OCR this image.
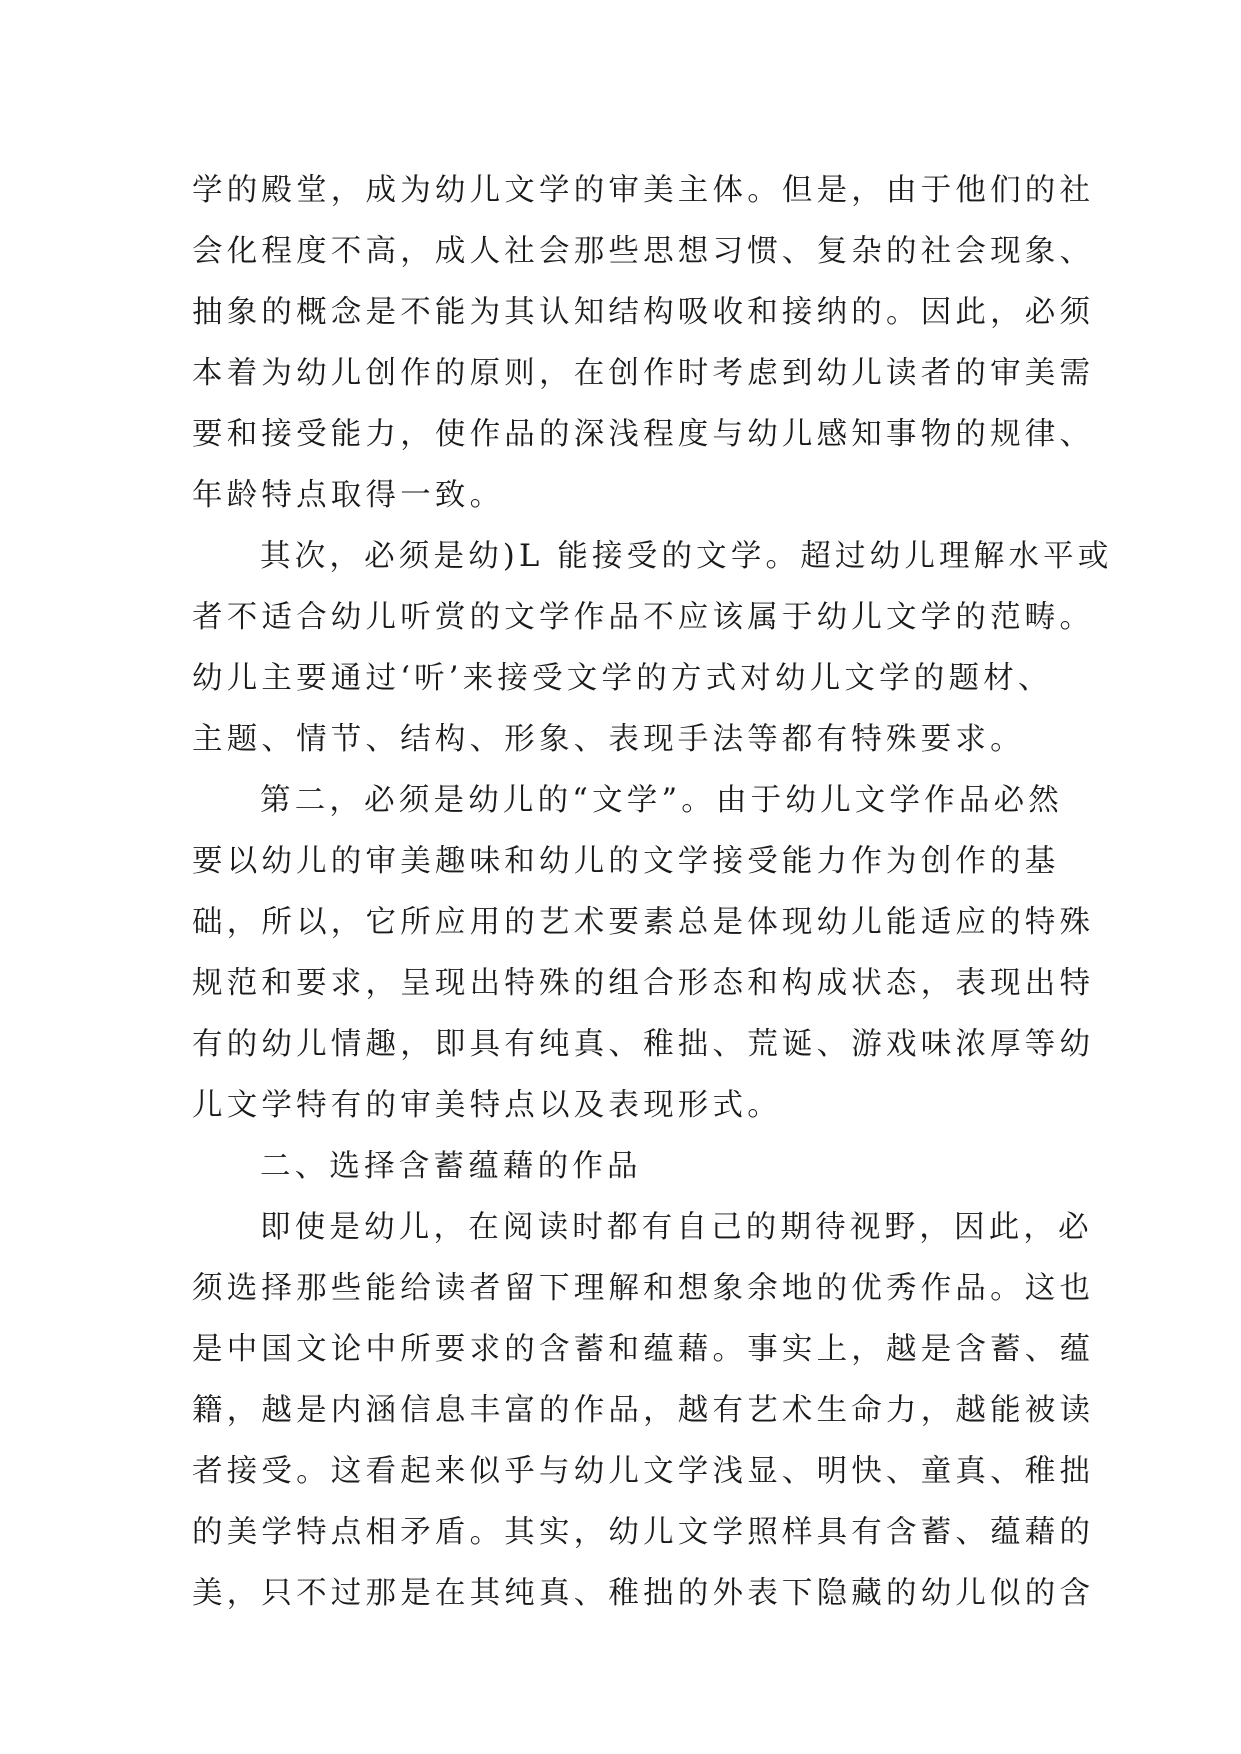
学的殿堂，成为幼儿文学的审美主体。但是，由于他们的社
会化程度不高，成人社会那些思想习惯、复杂的社会现象、
抽象的概念是不能为其认知结构吸收和接纳的。因此，必须
本着为幼儿创作的原则，在创作时考虑到幼儿读者的审美需
要和接受能力，使作品的深浅程度与幼儿感知事物的规律、
年龄特点取得一致。
其次，必须是幼)L 能接受的文学。超过幼儿理解水平或
者不适合幼儿听赏的文学作品不应该属于幼儿文学的范畴。
幼儿主要通过‘听’来接受文学的方式对幼儿文学的题材、
主题、情节、结构、形象、表现手法等都有特殊要求。
第二，必须是幼儿的“文学”。由于幼儿文学作品必然
要以幼儿的审美趣味和幼儿的文学接受能力作为创作的基
础，所以，它所应用的艺术要素总是体现幼儿能适应的特殊
规范和要求，呈现出特殊的组合形态和构成状态，表现出特
有的幼儿情趣，即具有纯真、稚拙、荒诞、游戏味浓厚等幼
儿文学特有的审美特点以及表现形式。
二、选择含蓄蕴藉的作品
即使是幼儿，在阅读时都有自己的期待视野，因此，必
须选择那些能给读者留下理解和想象余地的优秀作品。这也
是中国文论中所要求的含蓄和蕴藉。事实上，越是含蓄、蕴
籍，越是内涵信息丰富的作品，越有艺术生命力，越能被读
者接受。这看起来似乎与幼儿文学浅显、明快、童真、稚拙
的美学特点相矛盾。其实，幼儿文学照样具有含蓄、蕴藉的
美，只不过那是在其纯真、稚拙的外表下隐藏的幼儿似的含
